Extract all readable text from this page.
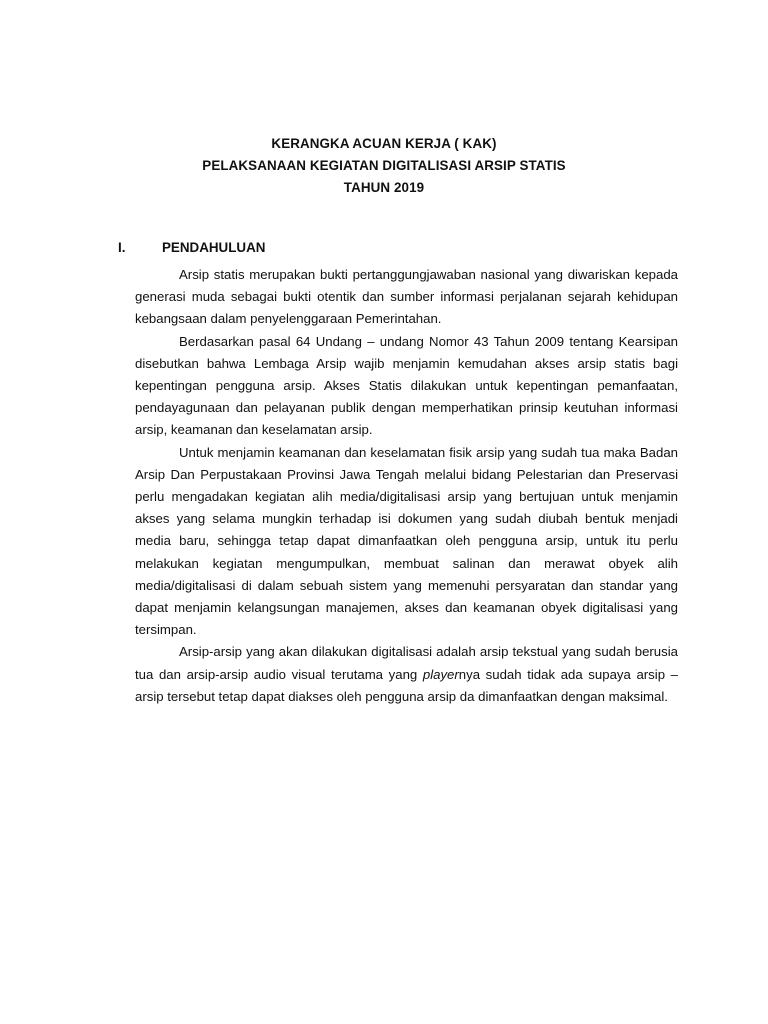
KERANGKA ACUAN KERJA ( KAK)
PELAKSANAAN KEGIATAN DIGITALISASI ARSIP STATIS
TAHUN 2019
I.	PENDAHULUAN

Arsip statis merupakan bukti pertanggungjawaban nasional yang diwariskan kepada generasi muda sebagai bukti otentik dan sumber informasi perjalanan sejarah kehidupan kebangsaan dalam penyelenggaraan Pemerintahan.

Berdasarkan pasal 64 Undang – undang Nomor 43 Tahun 2009 tentang Kearsipan disebutkan bahwa Lembaga Arsip wajib menjamin kemudahan akses arsip statis bagi kepentingan pengguna arsip. Akses Statis dilakukan untuk kepentingan pemanfaatan, pendayagunaan dan pelayanan publik dengan memperhatikan prinsip keutuhan informasi arsip, keamanan dan keselamatan arsip.

Untuk menjamin keamanan dan keselamatan fisik arsip yang sudah tua maka Badan Arsip Dan Perpustakaan Provinsi Jawa Tengah melalui bidang Pelestarian dan Preservasi perlu mengadakan kegiatan alih media/digitalisasi arsip yang bertujuan untuk menjamin akses yang selama mungkin terhadap isi dokumen yang sudah diubah bentuk menjadi media baru, sehingga tetap dapat dimanfaatkan oleh pengguna arsip, untuk itu perlu melakukan kegiatan mengumpulkan, membuat salinan dan merawat obyek alih media/digitalisasi di dalam sebuah sistem yang memenuhi persyaratan dan standar yang dapat menjamin kelangsungan manajemen, akses dan keamanan obyek digitalisasi yang tersimpan.

Arsip-arsip yang akan dilakukan digitalisasi adalah arsip tekstual yang sudah berusia tua dan arsip-arsip audio visual terutama yang playernya sudah tidak ada supaya arsip – arsip tersebut tetap dapat diakses oleh pengguna arsip da dimanfaatkan dengan maksimal.
